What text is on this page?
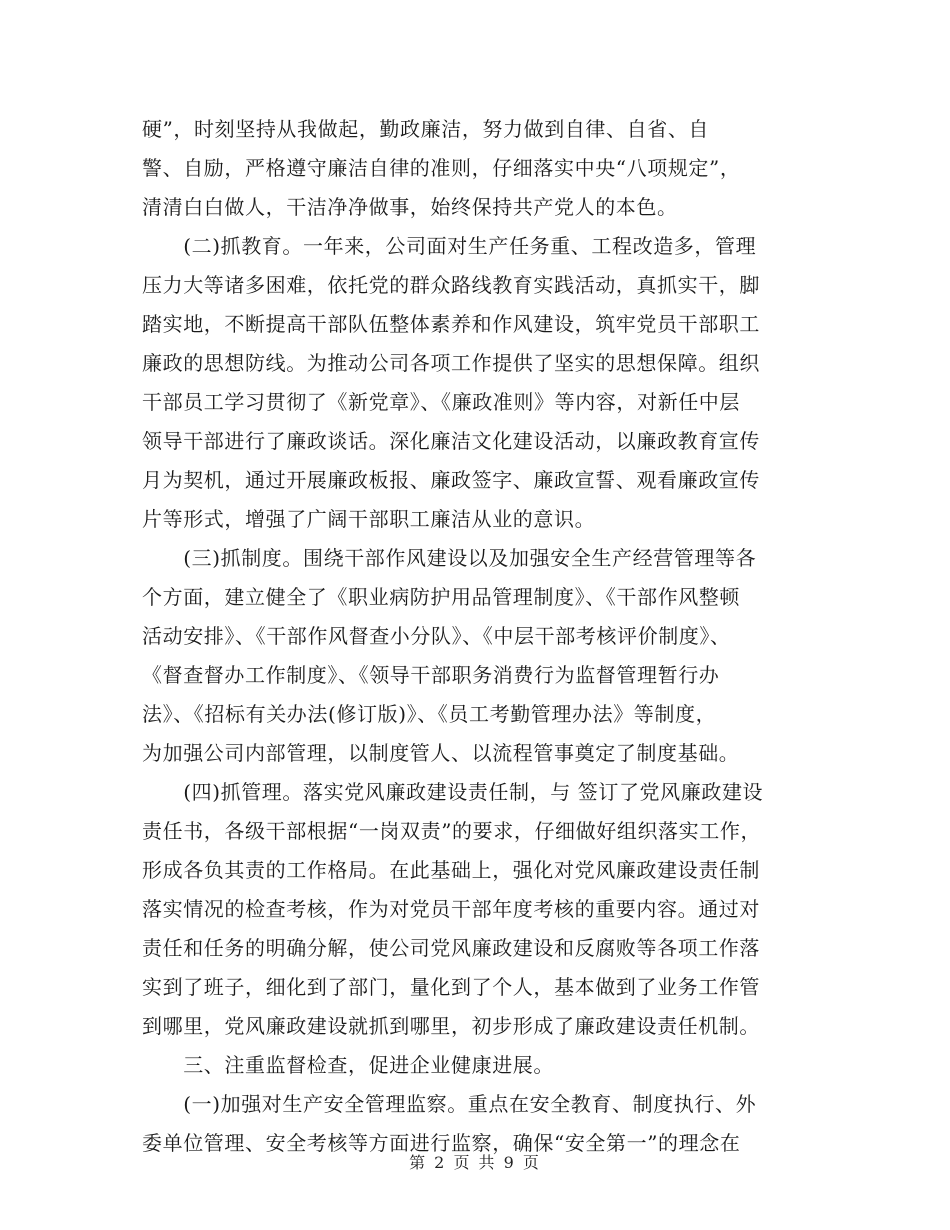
硬”，时刻坚持从我做起，勤政廉洁，努力做到自律、自省、自
警、自励，严格遵守廉洁自律的准则，仔细落实中央“八项规定”，
清清白白做人，干洁净净做事，始终保持共产党人的本色。
　　(二)抓教育。一年来，公司面对生产任务重、工程改造多，管理
压力大等诸多困难，依托党的群众路线教育实践活动，真抓实干，脚
踏实地，不断提高干部队伍整体素养和作风建设，筑牢党员干部职工
廉政的思想防线。为推动公司各项工作提供了坚实的思想保障。组织
干部员工学习贯彻了《新党章》、《廉政准则》等内容，对新任中层
领导干部进行了廉政谈话。深化廉洁文化建设活动，以廉政教育宣传
月为契机，通过开展廉政板报、廉政签字、廉政宣誓、观看廉政宣传
片等形式，增强了广阔干部职工廉洁从业的意识。
　　(三)抓制度。围绕干部作风建设以及加强安全生产经营管理等各
个方面，建立健全了《职业病防护用品管理制度》、《干部作风整顿
活动安排》、《干部作风督查小分队》、《中层干部考核评价制度》、
《督查督办工作制度》、《领导干部职务消费行为监督管理暂行办
法》、《招标有关办法(修订版)》、《员工考勤管理办法》等制度，
为加强公司内部管理，以制度管人、以流程管事奠定了制度基础。
　　(四)抓管理。落实党风廉政建设责任制，与 签订了党风廉政建设
责任书，各级干部根据“一岗双责”的要求，仔细做好组织落实工作，
形成各负其责的工作格局。在此基础上，强化对党风廉政建设责任制
落实情况的检查考核，作为对党员干部年度考核的重要内容。通过对
责任和任务的明确分解，使公司党风廉政建设和反腐败等各项工作落
实到了班子，细化到了部门，量化到了个人，基本做到了业务工作管
到哪里，党风廉政建设就抓到哪里，初步形成了廉政建设责任机制。
　　三、注重监督检查，促进企业健康进展。
　　(一)加强对生产安全管理监察。重点在安全教育、制度执行、外
委单位管理、安全考核等方面进行监察，确保“安全第一”的理念在
第 2 页 共 9 页
